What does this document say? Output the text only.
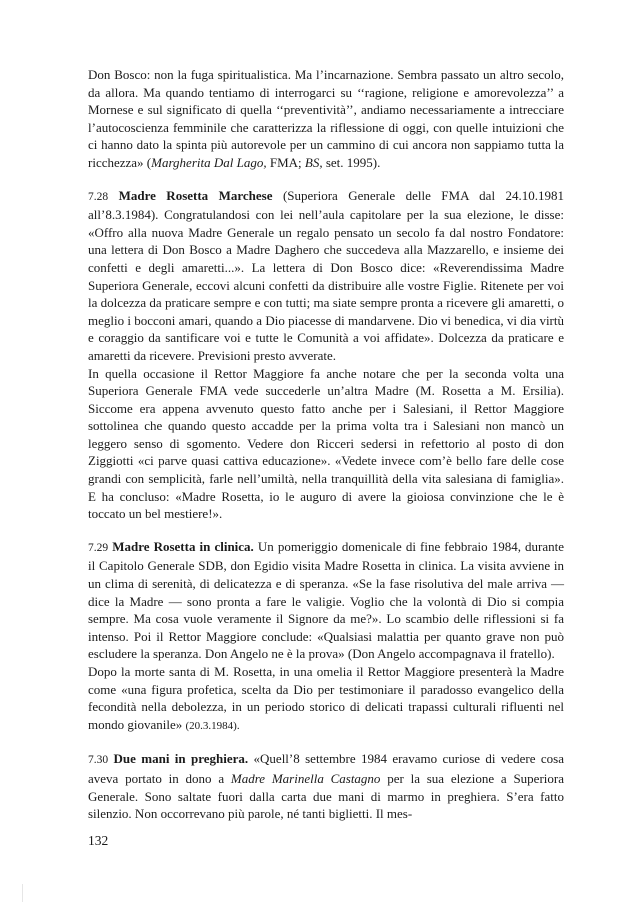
Don Bosco: non la fuga spiritualistica. Ma l’incarnazione. Sembra passato un altro secolo, da allora. Ma quando tentiamo di interrogarci su ‘‘ragione, religione e amorevolezza’’ a Mornese e sul significato di quella ‘‘preventività’’, andiamo necessariamente a intrecciare l’autocoscienza femminile che caratterizza la riflessione di oggi, con quelle intuizioni che ci hanno dato la spinta più autorevole per un cammino di cui ancora non sappiamo tutta la ricchezza» (Margherita Dal Lago, FMA; BS, set. 1995).

7.28 Madre Rosetta Marchese (Superiora Generale delle FMA dal 24.10.1981 all’8.3.1984). Congratulandosi con lei nell’aula capitolare per la sua elezione, le disse: «Offro alla nuova Madre Generale un regalo pensato un secolo fa dal nostro Fondatore: una lettera di Don Bosco a Madre Daghero che succedeva alla Mazzarello, e insieme dei confetti e degli amaretti...». La lettera di Don Bosco dice: «Reverendissima Madre Superiora Generale, eccovi alcuni confetti da distribuire alle vostre Figlie. Ritenete per voi la dolcezza da praticare sempre e con tutti; ma siate sempre pronta a ricevere gli amaretti, o meglio i bocconi amari, quando a Dio piacesse di mandarvene. Dio vi benedica, vi dia virtù e coraggio da santificare voi e tutte le Comunità a voi affidate». Dolcezza da praticare e amaretti da ricevere. Previsioni presto avverate.

In quella occasione il Rettor Maggiore fa anche notare che per la seconda volta una Superiora Generale FMA vede succederle un’altra Madre (M. Rosetta a M. Ersilia). Siccome era appena avvenuto questo fatto anche per i Salesiani, il Rettor Maggiore sottolinea che quando questo accadde per la prima volta tra i Salesiani non mancò un leggero senso di sgomento. Vedere don Ricceri sedersi in refettorio al posto di don Ziggiotti «ci parve quasi cattiva educazione». «Vedete invece com’è bello fare delle cose grandi con semplicità, farle nell’umiltà, nella tranquillità della vita salesiana di famiglia». E ha concluso: «Madre Rosetta, io le auguro di avere la gioiosa convinzione che le è toccato un bel mestiere!».

7.29 Madre Rosetta in clinica. Un pomeriggio domenicale di fine febbraio 1984, durante il Capitolo Generale SDB, don Egidio visita Madre Rosetta in clinica. La visita avviene in un clima di serenità, di delicatezza e di speranza. «Se la fase risolutiva del male arriva — dice la Madre — sono pronta a fare le valigie. Voglio che la volontà di Dio si compia sempre. Ma cosa vuole veramente il Signore da me?». Lo scambio delle riflessioni si fa intenso. Poi il Rettor Maggiore conclude: «Qualsiasi malattia per quanto grave non può escludere la speranza. Don Angelo ne è la prova» (Don Angelo accompagnava il fratello).

Dopo la morte santa di M. Rosetta, in una omelia il Rettor Maggiore presenterà la Madre come «una figura profetica, scelta da Dio per testimoniare il paradosso evangelico della fecondità nella debolezza, in un periodo storico di delicati trapassi culturali rifluenti nel mondo giovanile» (20.3.1984).

7.30 Due mani in preghiera. «Quell’8 settembre 1984 eravamo curiose di vedere cosa aveva portato in dono a Madre Marinella Castagno per la sua elezione a Superiora Generale. Sono saltate fuori dalla carta due mani di marmo in preghiera. S’era fatto silenzio. Non occorrevano più parole, né tanti biglietti. Il mes-

132
